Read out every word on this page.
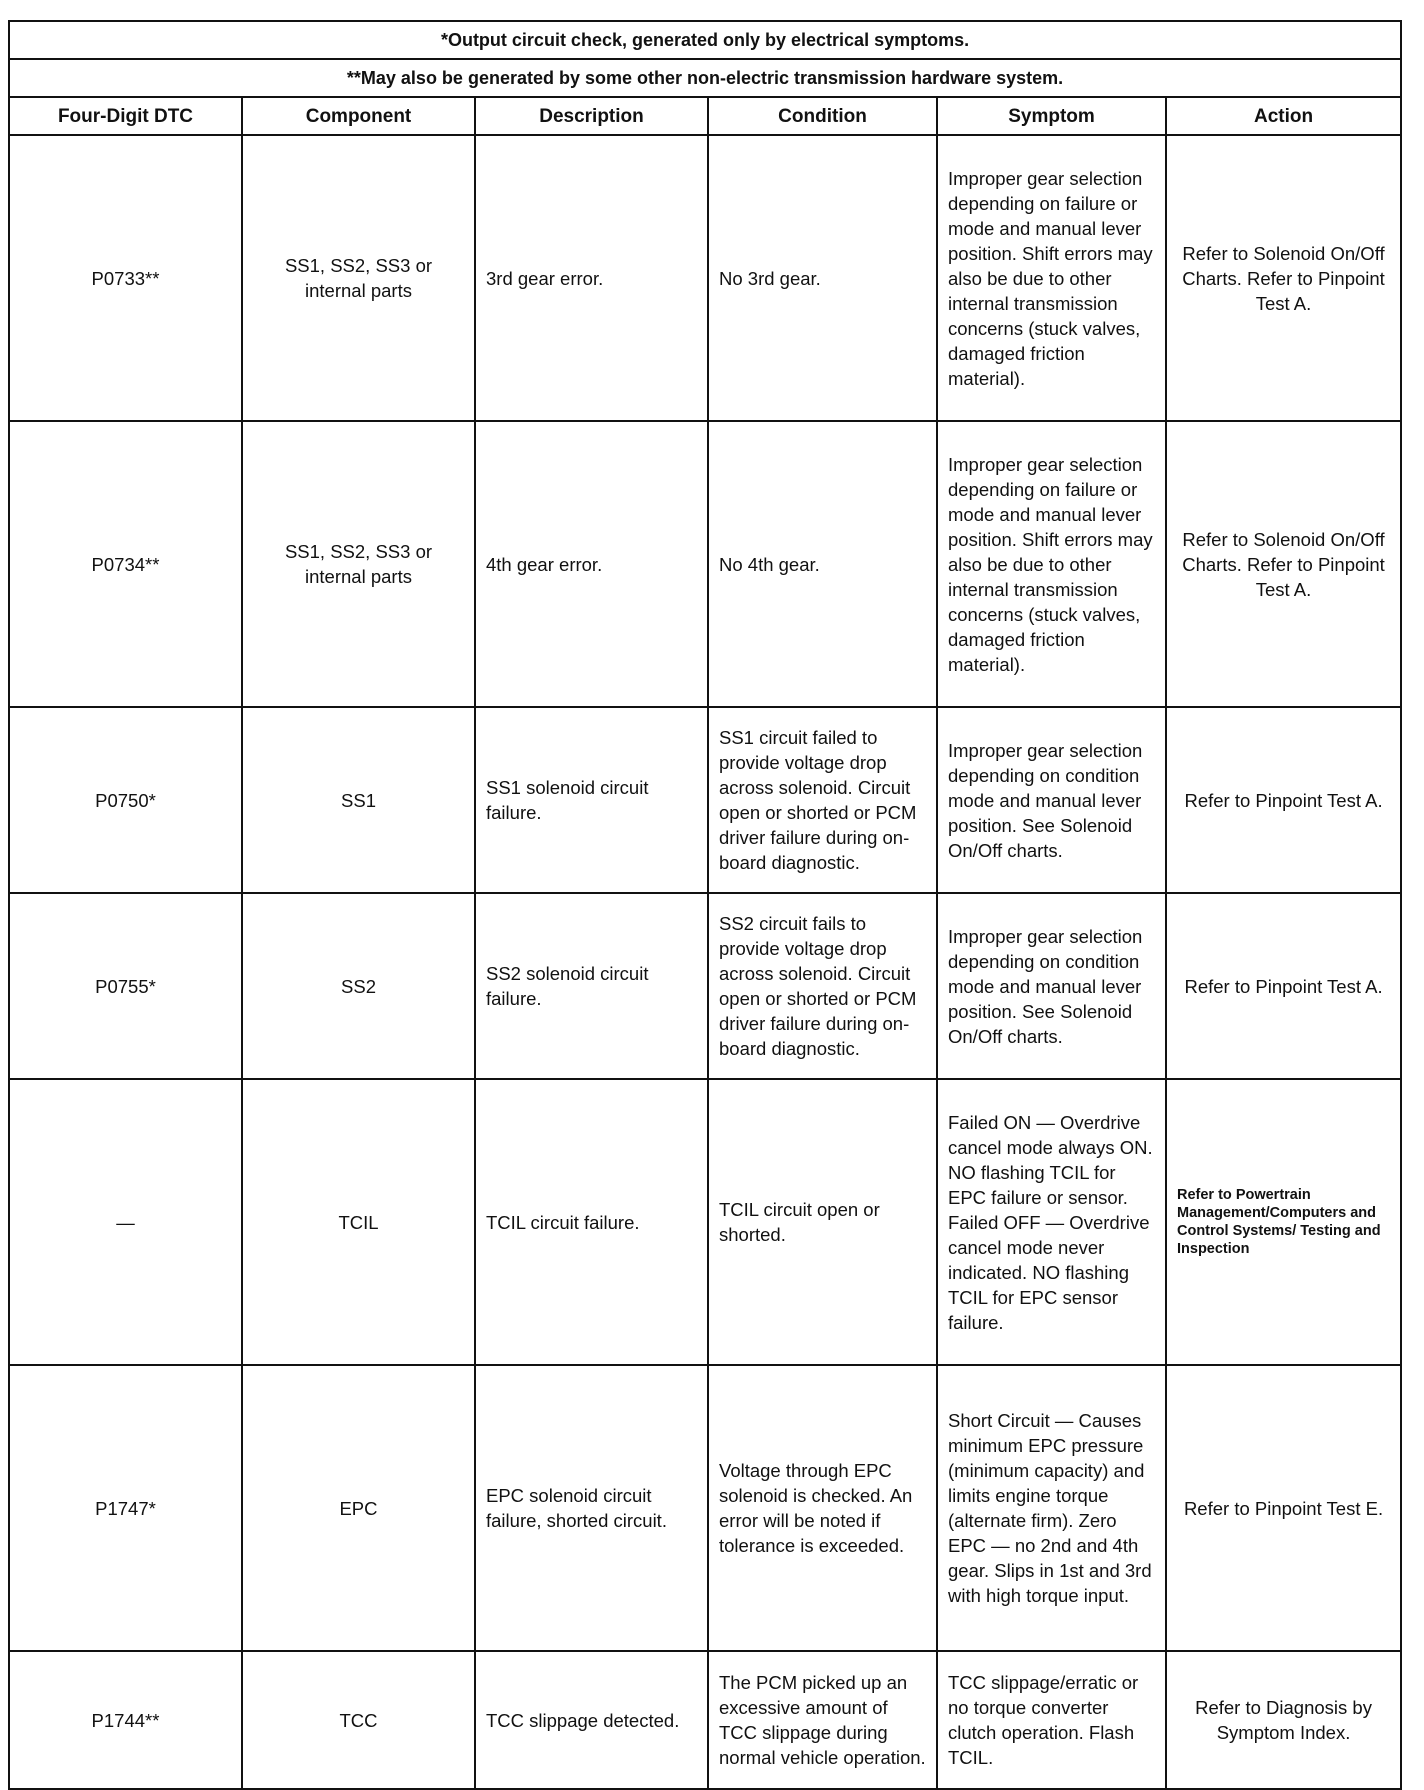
*Output circuit check, generated only by electrical symptoms.					
**May also be generated by some other non-electric transmission hardware system.					
Four-Digit DTC	Component	Description	Condition	Symptom	Action
P0733**	SS1, SS2, SS3 or internal parts	3rd gear error.	No 3rd gear.	Improper gear selection depending on failure or mode and manual lever position. Shift errors may also be due to other internal transmission concerns (stuck valves, damaged friction material).	Refer to Solenoid On/Off Charts. Refer to Pinpoint Test A.
P0734**	SS1, SS2, SS3 or internal parts	4th gear error.	No 4th gear.	Improper gear selection depending on failure or mode and manual lever position. Shift errors may also be due to other internal transmission concerns (stuck valves, damaged friction material).	Refer to Solenoid On/Off Charts. Refer to Pinpoint Test A.
P0750*	SS1	SS1 solenoid circuit failure.	SS1 circuit failed to provide voltage drop across solenoid. Circuit open or shorted or PCM driver failure during on-board diagnostic.	Improper gear selection depending on condition mode and manual lever position. See Solenoid On/Off charts.	Refer to Pinpoint Test A.
P0755*	SS2	SS2 solenoid circuit failure.	SS2 circuit fails to provide voltage drop across solenoid. Circuit open or shorted or PCM driver failure during on-board diagnostic.	Improper gear selection depending on condition mode and manual lever position. See Solenoid On/Off charts.	Refer to Pinpoint Test A.
—	TCIL	TCIL circuit failure.	TCIL circuit open or shorted.	Failed ON — Overdrive cancel mode always ON. NO flashing TCIL for EPC failure or sensor. Failed OFF — Overdrive cancel mode never indicated. NO flashing TCIL for EPC sensor failure.	Refer to Powertrain Management/Computers and Control Systems/ Testing and Inspection
P1747*	EPC	EPC solenoid circuit failure, shorted circuit.	Voltage through EPC solenoid is checked. An error will be noted if tolerance is exceeded.	Short Circuit — Causes minimum EPC pressure (minimum capacity) and limits engine torque (alternate firm). Zero EPC — no 2nd and 4th gear. Slips in 1st and 3rd with high torque input.	Refer to Pinpoint Test E.
P1744**	TCC	TCC slippage detected.	The PCM picked up an excessive amount of TCC slippage during normal vehicle operation.	TCC slippage/erratic or no torque converter clutch operation. Flash TCIL.	Refer to Diagnosis by Symptom Index.
